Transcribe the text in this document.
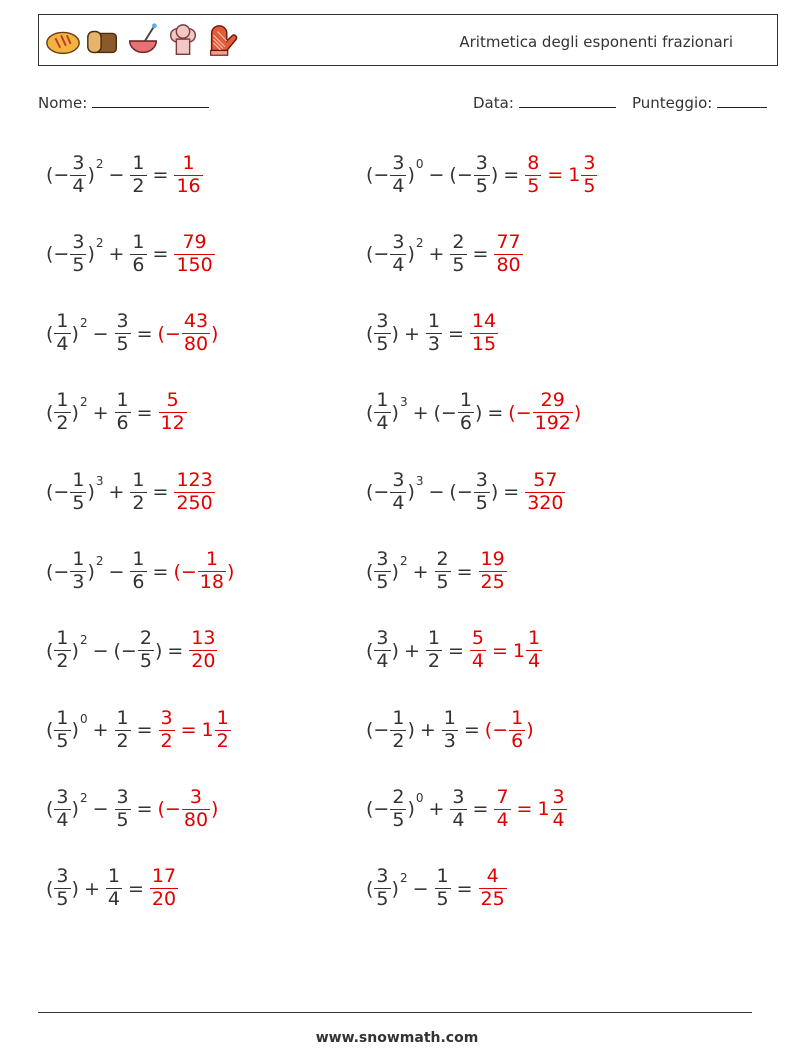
Aritmetica degli esponenti frazionari
Nome:	Data:	Punteggio:
(− $\frac{3}{4}$ ) $2 - \frac{1}{2} = \frac{1}{16}$	(− $\frac{3}{4}$ ) 0 − (− $\frac{3}{5}$ ) = $\frac{8}{5} = 1 \frac{3}{5}$
(− $\frac{3}{5}$ ) $2 + \frac{1}{6} = \frac{79}{150}$	(− $\frac{3}{4}$ ) $2 + \frac{2}{5} = \frac{77}{80}$
( $\frac{1}{4}$ ) $2 - \frac{3}{5}$ = (− $\frac{43}{80}$ )	( $\frac{3}{5}$ ) + $\frac{1}{3} = \frac{14}{15}$
( $\frac{1}{2}$ ) $2 + \frac{1}{6} = \frac{5}{12}$	( $\frac{1}{4}$ ) 3 + (− $\frac{1}{6}$ ) = (− $\frac{29}{192}$ )
(− $\frac{1}{5}$ ) $3 + \frac{1}{2} = \frac{123}{250}$	(− $\frac{3}{4}$ ) 3 − (− $\frac{3}{5}$ ) = $\frac{57}{320}$
(− $\frac{1}{3}$ ) $2 - \frac{1}{6}$ = (− $\frac{1}{18}$ )	( $\frac{3}{5}$ ) $2 + \frac{2}{5} = \frac{19}{25}$
( $\frac{1}{2}$ ) 2 − (− $\frac{2}{5}$ ) = $\frac{13}{20}$	( $\frac{3}{4}$ ) + $\frac{1}{2} = \frac{5}{4} = 1 \frac{1}{4}$
( $\frac{1}{5}$ ) $0 + \frac{1}{2} = \frac{3}{2} = 1 \frac{1}{2}$	(− $\frac{1}{2}$ ) + $\frac{1}{3}$ = (− $\frac{1}{6}$ )
( $\frac{3}{4}$ ) $2 - \frac{3}{5}$ = (− $\frac{3}{80}$ )	(− $\frac{2}{5}$ ) $0 + \frac{3}{4} = \frac{7}{4} = 1 \frac{3}{4}$
( $\frac{3}{5}$ ) + $\frac{1}{4} = \frac{17}{20}$	( $\frac{3}{5}$ ) $2 - \frac{1}{5} = \frac{4}{25}$
www.snowmath.com
